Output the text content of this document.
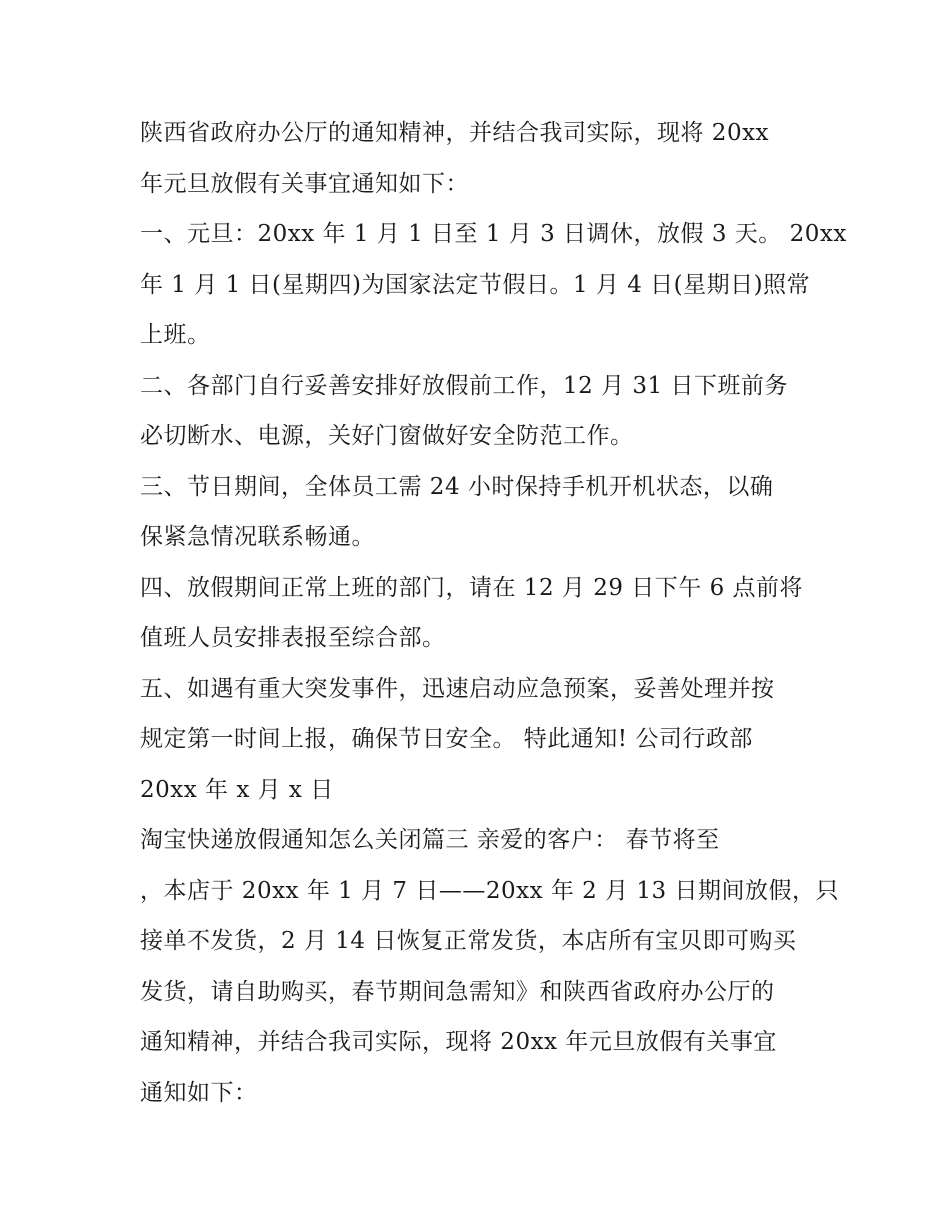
陕西省政府办公厅的通知精神，并结合我司实际，现将 20xx
年元旦放假有关事宜通知如下：
一、元旦：20xx 年 1 月 1 日至 1 月 3 日调休，放假 3 天。 20xx
年 1 月 1 日(星期四)为国家法定节假日。1 月 4 日(星期日)照常
上班。
二、各部门自行妥善安排好放假前工作，12 月 31 日下班前务
必切断水、电源，关好门窗做好安全防范工作。
三、节日期间，全体员工需 24 小时保持手机开机状态，以确
保紧急情况联系畅通。
四、放假期间正常上班的部门，请在 12 月 29 日下午 6 点前将
值班人员安排表报至综合部。
五、如遇有重大突发事件，迅速启动应急预案，妥善处理并按
规定第一时间上报，确保节日安全。 特此通知! 公司行政部
20xx 年 x 月 x 日
淘宝快递放假通知怎么关闭篇三 亲爱的客户： 春节将至
，本店于 20xx 年 1 月 7 日——20xx 年 2 月 13 日期间放假，只
接单不发货，2 月 14 日恢复正常发货，本店所有宝贝即可购买
发货，请自助购买，春节期间急需知》和陕西省政府办公厅的
通知精神，并结合我司实际，现将 20xx 年元旦放假有关事宜
通知如下：
